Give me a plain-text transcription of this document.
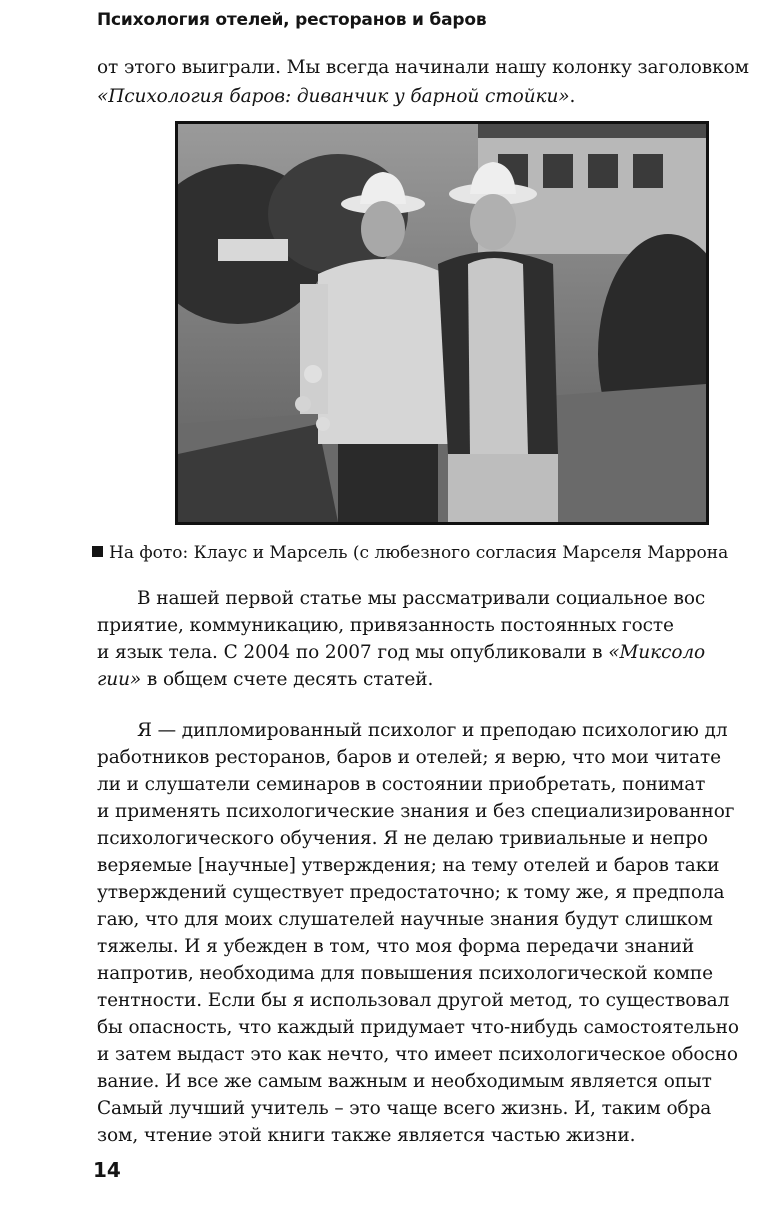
Психология отелей, ресторанов и баров
от этого выиграли. Мы всегда начинали нашу колонку заголовком
«Психология баров: диванчик у барной стойки».
На фото: Клаус и Марсель (с любезного согласия Марселя Маррона
В нашей первой статье мы рассматривали социальное вос
приятие, коммуникацию, привязанность постоянных госте
и язык тела. С 2004 по 2007 год мы опубликовали в «Миксоло
гии» в общем счете десять статей.
Я — дипломированный психолог и преподаю психологию дл
работников ресторанов, баров и отелей; я верю, что мои читате
ли и слушатели семинаров в состоянии приобретать, понимат
и применять психологические знания и без специализированног
психологического обучения. Я не делаю тривиальные и непро
веряемые [научные] утверждения; на тему отелей и баров таки
утверждений существует предостаточно; к тому же, я предпола
гаю, что для моих слушателей научные знания будут слишком
тяжелы. И я убежден в том, что моя форма передачи знаний
напротив, необходима для повышения психологической компе
тентности. Если бы я использовал другой метод, то существовал
бы опасность, что каждый придумает что-нибудь самостоятельно
и затем выдаст это как нечто, что имеет психологическое обосно
вание. И все же самым важным и необходимым является опыт
Самый лучший учитель – это чаще всего жизнь. И, таким обра
зом, чтение этой книги также является частью жизни.
14
